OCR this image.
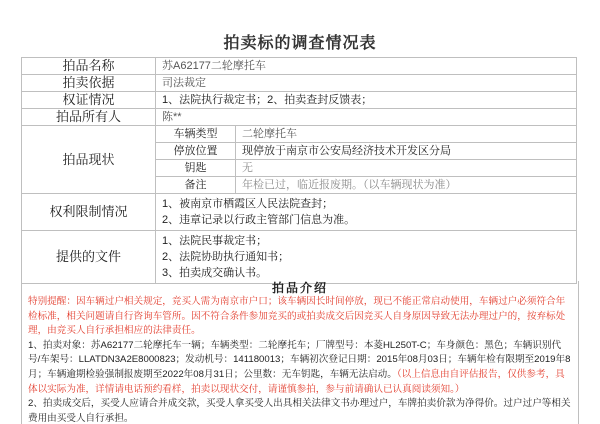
拍卖标的调查情况表
拍品名称	苏A62177二轮摩托车	
拍卖依据	司法裁定	
权证情况	1、法院执行裁定书；2、拍卖查封反馈表；	
拍品所有人	陈**	
拍品现状	车辆类型	二轮摩托车
	停放位置	现停放于南京市公安局经济技术开发区分局
	钥匙	无
	备注	年检已过，临近报废期。（以车辆现状为准）
权利限制情况	1、被南京市栖霞区人民法院查封；
2、违章记录以行政主管部门信息为准。	

提供的文件	1、法院民事裁定书；
2、法院协助执行通知书；
3、拍卖成交确认书。	
拍品介绍

特别提醒：因车辆过户相关规定，竞买人需为南京市户口；该车辆因长时间停放，现已不能正常启动使用，车辆过户必须符合年检标准，相关问题请自行咨询车管所。因不符合条件参加竞买的或拍卖成交后因竞买人自身原因导致无法办理过户的，按弃标处理，由竞买人自行承担相应的法律责任。

1、拍卖对象：苏A62177二轮摩托车一辆；车辆类型：二轮摩托车；厂牌型号：本菱HL250T-C；车身颜色：黑色；车辆识别代号/车架号：LLATDN3A2E8000823；发动机号：141180013；车辆初次登记日期：2015年08月03日；车辆年检有限期至2019年8月；车辆逾期检验强制报废期至2022年08月31日；公里数：无车钥匙，车辆无法启动。（以上信息由自评估报告，仅供参考，具体以实际为准，详情请电话预约看样，拍卖以现状交付，请谨慎参拍，参与前请确认已认真阅读须知。）

2、拍卖成交后，买受人应请合并成交款，买受人拿买受人出具相关法律文书办理过户，车牌拍卖价款为净得价。过户过户等相关费用由买受人自行承担。
